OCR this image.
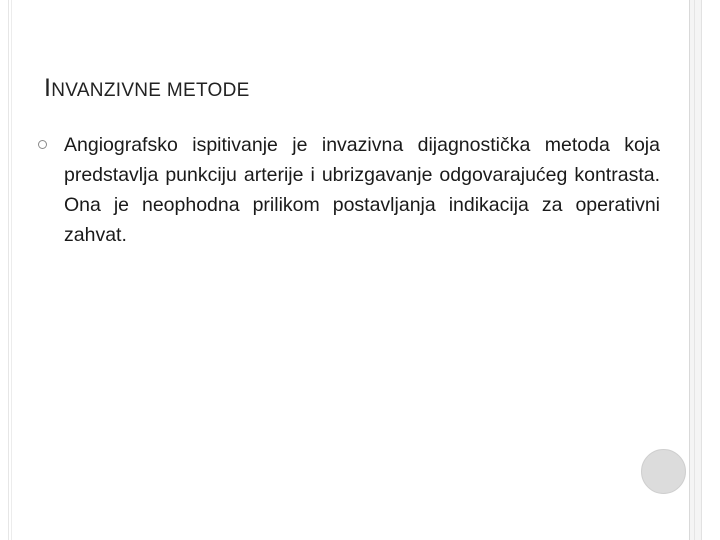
INVANZIVNE METODE

Angiografsko ispitivanje je invazivna dijagnostička metoda koja predstavlja punkciju arterije i ubrizgavanje odgovarajućeg kontrasta. Ona je neophodna prilikom postavljanja indikacija za operativni zahvat.
